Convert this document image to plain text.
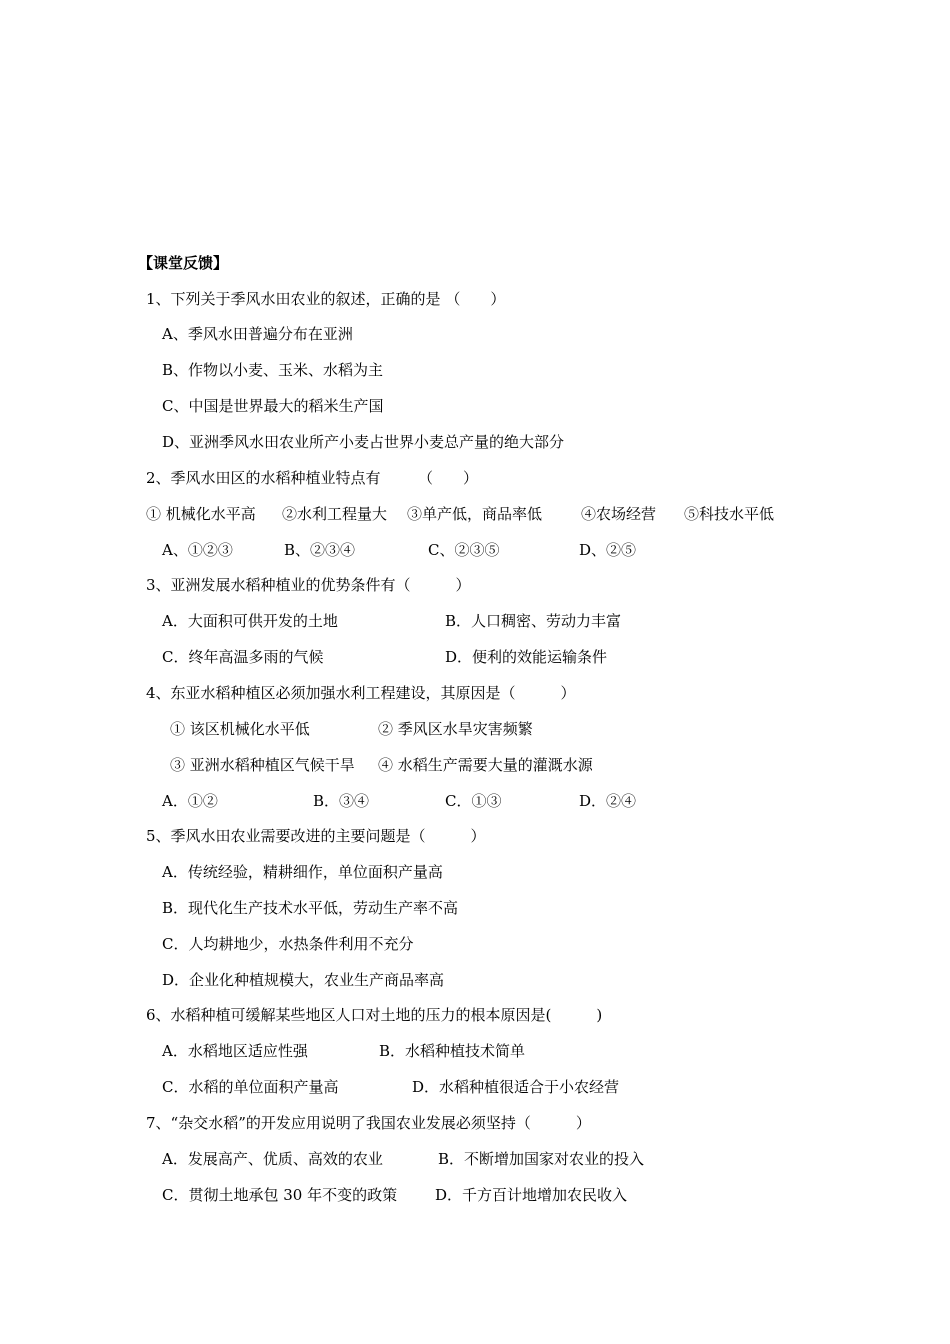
【课堂反馈】
1、下列关于季风水田农业的叙述，正确的是 （　　）
A、季风水田普遍分布在亚洲
B、作物以小麦、玉米、水稻为主
C、中国是世界最大的稻米生产国
D、亚洲季风水田农业所产小麦占世界小麦总产量的绝大部分
2、季风水田区的水稻种植业特点有　　　（　　）
① 机械化水平高 ②水利工程量大 ③单产低，商品率低	④农场经营 ⑤科技水平低
A、①②③	B、②③④	C、②③⑤	D、②⑤
3、亚洲发展水稻种植业的优势条件有（　　　）
A．大面积可供开发的土地	B．人口稠密、劳动力丰富
C．终年高温多雨的气候	D．便利的效能运输条件
4、东亚水稻种植区必须加强水利工程建设，其原因是（　　　）
① 该区机械化水平低	② 季风区水旱灾害频繁
③ 亚洲水稻种植区气候干旱 ④ 水稻生产需要大量的灌溉水源
A．①②	B．③④	C．①③	D．②④
5、季风水田农业需要改进的主要问题是（　　　）
A．传统经验，精耕细作，单位面积产量高
B．现代化生产技术水平低，劳动生产率不高
C．人均耕地少，水热条件利用不充分
D．企业化种植规模大，农业生产商品率高
6、水稻种植可缓解某些地区人口对土地的压力的根本原因是(　　　)
A．水稻地区适应性强	B．水稻种植技术简单
C．水稻的单位面积产量高	D．水稻种植很适合于小农经营
7、“杂交水稻”的开发应用说明了我国农业发展必须坚持（　　　）
A．发展高产、优质、高效的农业	B．不断增加国家对农业的投入
C．贯彻土地承包 30 年不变的政策	D．千方百计地增加农民收入
